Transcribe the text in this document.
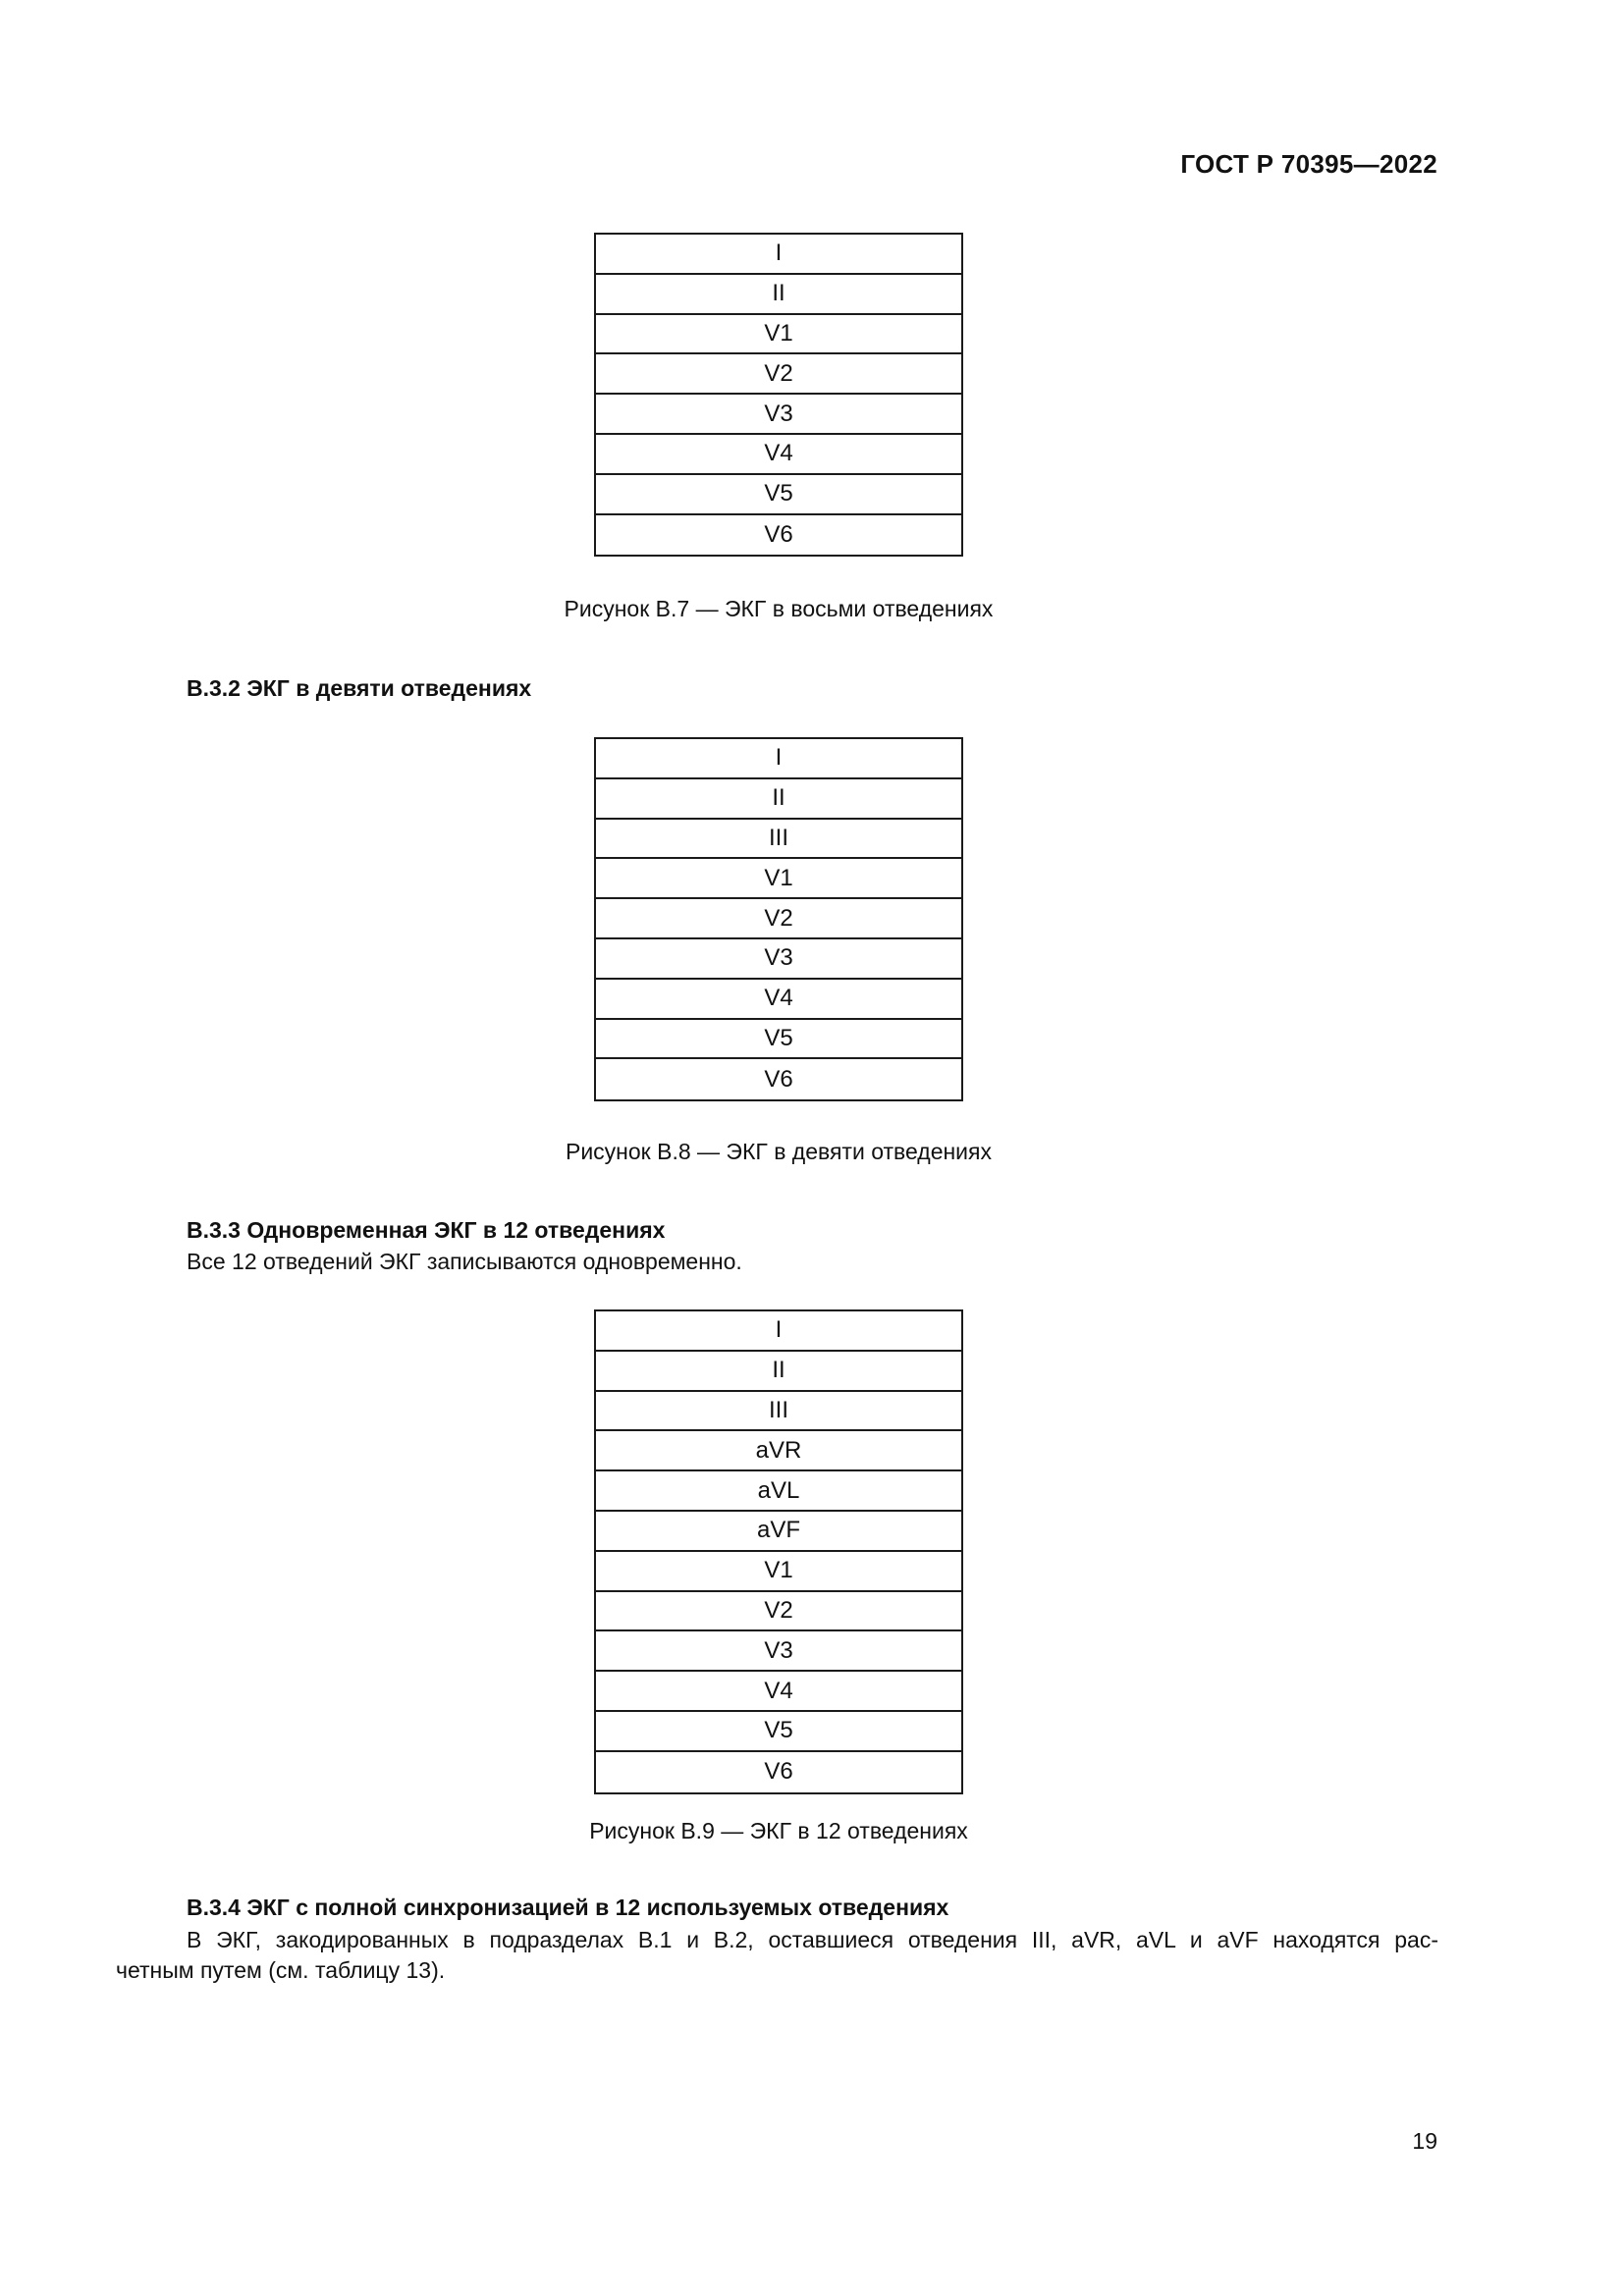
ГОСТ Р 70395—2022
I
II
V1
V2
V3
V4
V5
V6
Рисунок В.7 — ЭКГ в восьми отведениях
В.3.2 ЭКГ в девяти отведениях
I
II
III
V1
V2
V3
V4
V5
V6
Рисунок В.8 — ЭКГ в девяти отведениях
В.3.3 Одновременная ЭКГ в 12 отведениях
Все 12 отведений ЭКГ записываются одновременно.
I
II
III
aVR
aVL
aVF
V1
V2
V3
V4
V5
V6
Рисунок В.9 — ЭКГ в 12 отведениях
В.3.4 ЭКГ с полной синхронизацией в 12 используемых отведениях
В ЭКГ, закодированных в подразделах В.1 и В.2, оставшиеся отведения III, aVR, aVL и aVF находятся рас-
четным путем (см. таблицу 13).
19
